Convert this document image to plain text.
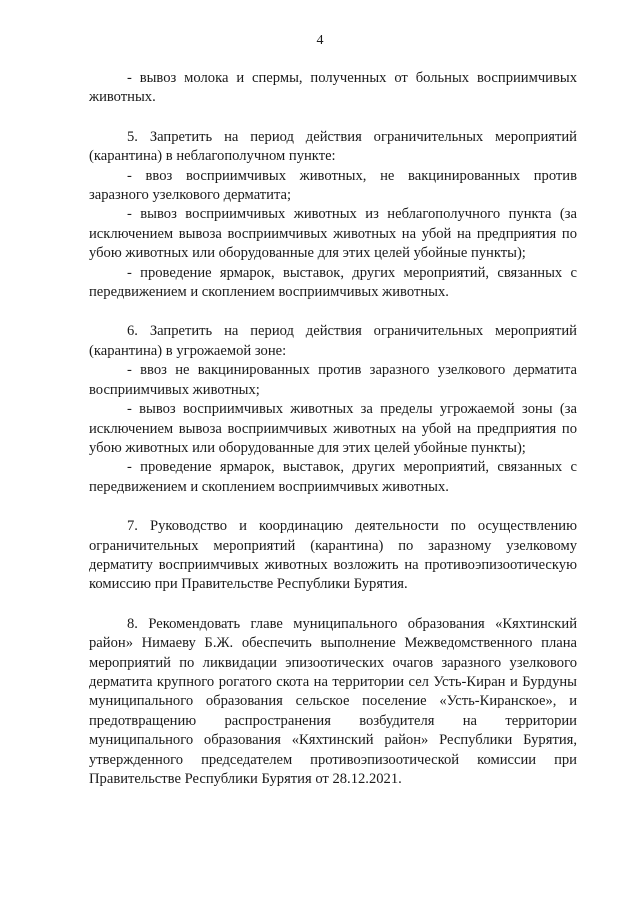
4

- вывоз молока и спермы, полученных от больных восприимчивых животных.

5. Запретить на период действия ограничительных мероприятий (карантина) в неблагополучном пункте:

- ввоз восприимчивых животных, не вакцинированных против заразного узелкового дерматита;

- вывоз восприимчивых животных из неблагополучного пункта (за исключением вывоза восприимчивых животных на убой на предприятия по убою животных или оборудованные для этих целей убойные пункты);

- проведение ярмарок, выставок, других мероприятий, связанных с передвижением и скоплением восприимчивых животных.

6. Запретить на период действия ограничительных мероприятий (карантина) в угрожаемой зоне:

- ввоз не вакцинированных против заразного узелкового дерматита восприимчивых животных;

- вывоз восприимчивых животных за пределы угрожаемой зоны (за исключением вывоза восприимчивых животных на убой на предприятия по убою животных или оборудованные для этих целей убойные пункты);

- проведение ярмарок, выставок, других мероприятий, связанных с передвижением и скоплением восприимчивых животных.

7. Руководство и координацию деятельности по осуществлению ограничительных мероприятий (карантина) по заразному узелковому дерматиту восприимчивых животных возложить на противоэпизоотическую комиссию при Правительстве Республики Бурятия.

8. Рекомендовать главе муниципального образования «Кяхтинский район» Нимаеву Б.Ж. обеспечить выполнение Межведомственного плана мероприятий по ликвидации эпизоотических очагов заразного узелкового дерматита крупного рогатого скота на территории сел Усть-Киран и Бурдуны муниципального образования сельское поселение «Усть-Киранское», и предотвращению распространения возбудителя на территории муниципального образования «Кяхтинский район» Республики Бурятия, утвержденного председателем противоэпизоотической комиссии при Правительстве Республики Бурятия от 28.12.2021.
